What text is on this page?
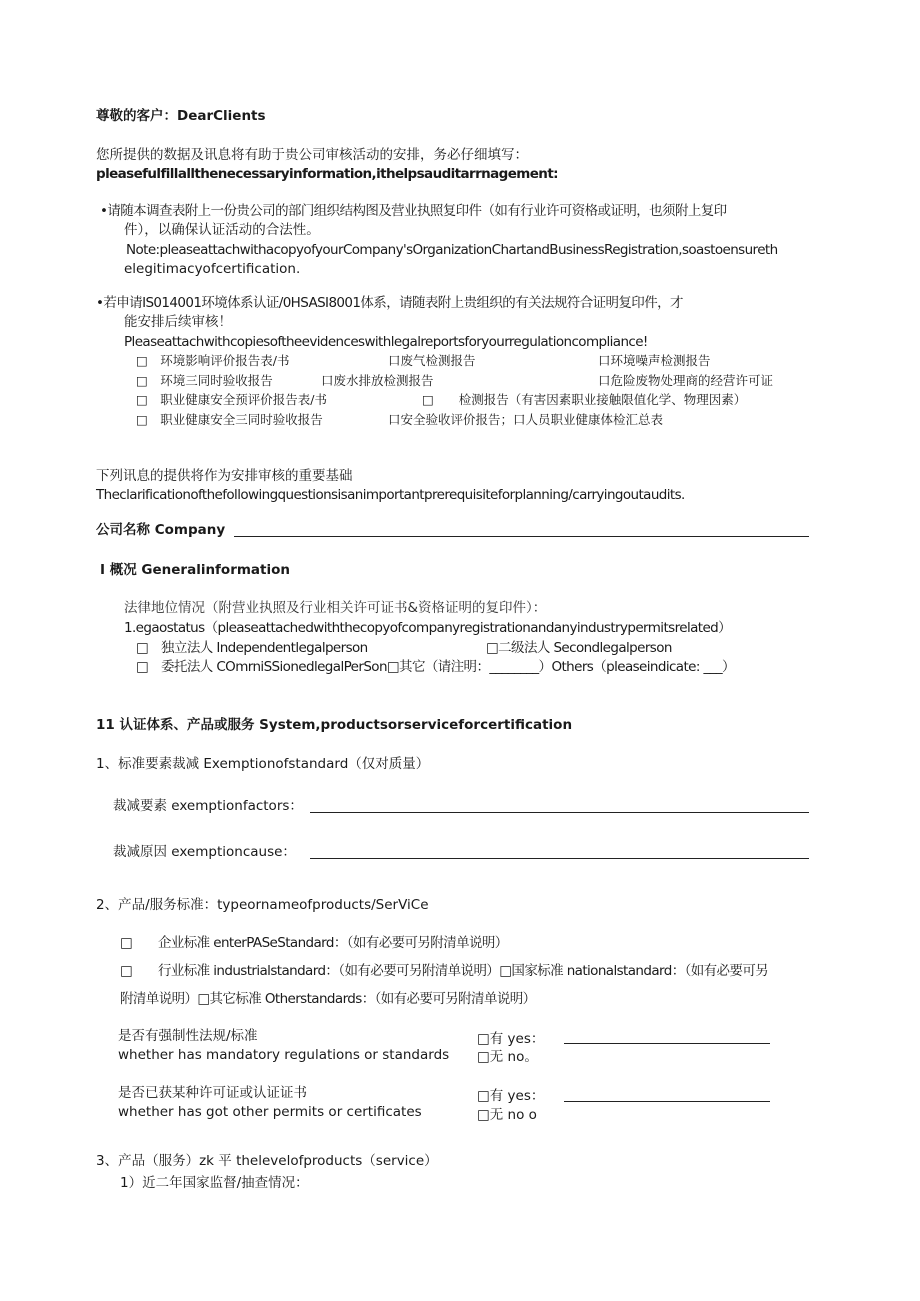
尊敬的客户：DearClients
您所提供的数据及讯息将有助于贵公司审核活动的安排，务必仔细填写：
pleasefulfillallthenecessaryinformation,ithelpsauditarrnagement:
•请随本调查表附上一份贵公司的部门组织结构图及营业执照复印件（如有行业许可资格或证明，也须附上复印
件），以确保认证活动的合法性。
Note:pleaseattachwithacopyofyourCompany'sOrganizationChartandBusinessRegistration,soastoensureth
elegitimacyofcertification.
•若申请IS014001环境体系认证/0HSASI8001体系，请随表附上贵组织的有关法规符合证明复印件，才
能安排后续审核！
Pleaseattachwithcopiesoftheevidenceswithlegalreportsforyourregulationcompliance!
□　环境影响评价报告表/书	口废气检测报告	口环境噪声检测报告
□　环境三同时验收报告	口废水排放检测报告	口危险废物处理商的经营许可证
□　职业健康安全预评价报告表/书	□　　检测报告（有害因素职业接触限值化学、物理因素）
□　职业健康安全三同时验收报告	口安全验收评价报告；口人员职业健康体检汇总表
下列讯息的提供将作为安排审核的重要基础
Theclarificationofthefollowingquestionsisanimportantprerequisiteforplanning/carryingoutaudits.
公司名称 Company
I 概况 Generalinformation
法律地位情况（附营业执照及行业相关许可证书&资格证明的复印件）：
1.egaostatus（pleaseattachedwiththecopyofcompanyregistrationandanyindustrypermitsrelated）
□　独立法人 Independentlegalperson	□二级法人 Secondlegalperson
□　委托法人 COmrniSSionedlegalPerSon□其它（请注明：________）Others（pleaseindicate: ___）
11 认证体系、产品或服务 System,productsorserviceforcertification
1、标准要素裁减 Exemptionofstandard（仅对质量）
裁减要素 exemptionfactors：
裁减原因 exemptioncause：
2、产品/服务标准：typeornameofproducts/SerViCe
□　　企业标准 enterPASeStandard：（如有必要可另附清单说明）
□　　行业标准 industrialstandard：（如有必要可另附清单说明）□国家标准 nationalstandard：（如有必要可另
附清单说明）□其它标准 Otherstandards：（如有必要可另附清单说明）
是否有强制性法规/标准
whether has mandatory regulations or standards
□有 yes：
□无 no。
是否已获某种许可证或认证证书
whether has got other permits or certificates
□有 yes：
□无 no o
3、产品（服务）zk 平 thelevelofproducts（service）
1）近二年国家监督/抽查情况：
